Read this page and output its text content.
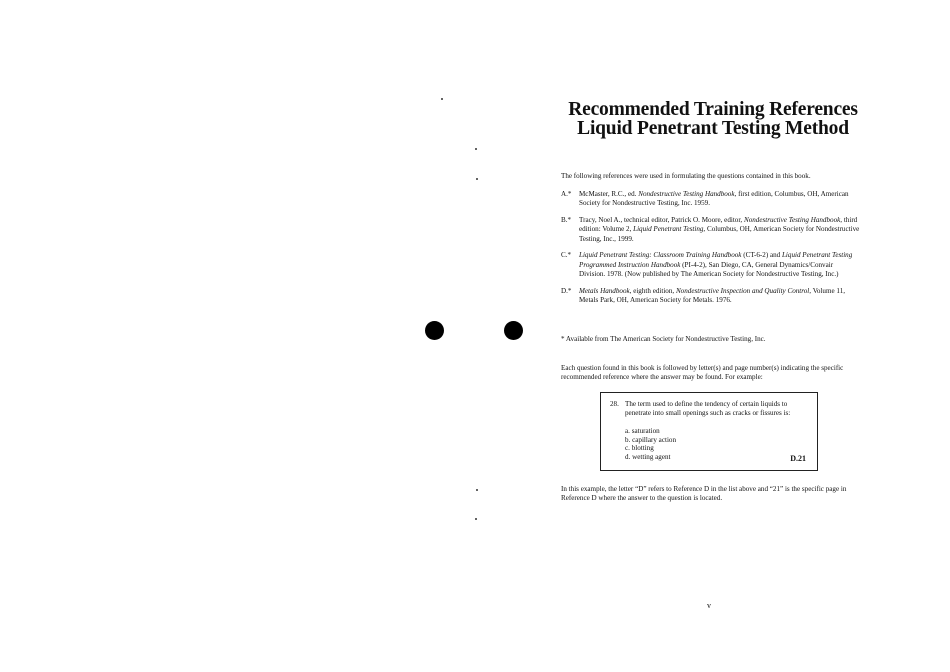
Recommended Training References
Liquid Penetrant Testing Method
The following references were used in formulating the questions contained in this book.
A.* McMaster, R.C., ed. Nondestructive Testing Handbook, first edition, Columbus, OH, American Society for Nondestructive Testing, Inc. 1959.
B.* Tracy, Noel A., technical editor, Patrick O. Moore, editor, Nondestructive Testing Handbook, third edition: Volume 2, Liquid Penetrant Testing, Columbus, OH, American Society for Nondestructive Testing, Inc., 1999.
C.* Liquid Penetrant Testing: Classroom Training Handbook (CT-6-2) and Liquid Penetrant Testing Programmed Instruction Handbook (PI-4-2), San Diego, CA, General Dynamics/Convair Division. 1978. (Now published by The American Society for Nondestructive Testing, Inc.)
D.* Metals Handbook, eighth edition, Nondestructive Inspection and Quality Control, Volume 11, Metals Park, OH, American Society for Metals. 1976.
* Available from The American Society for Nondestructive Testing, Inc.
Each question found in this book is followed by letter(s) and page number(s) indicating the specific recommended reference where the answer may be found. For example:
28. The term used to define the tendency of certain liquids to penetrate into small openings such as cracks or fissures is:
a. saturation
b. capillary action
c. blotting
d. wetting agent	D.21
In this example, the letter “D” refers to Reference D in the list above and “21” is the specific page in Reference D where the answer to the question is located.
v
